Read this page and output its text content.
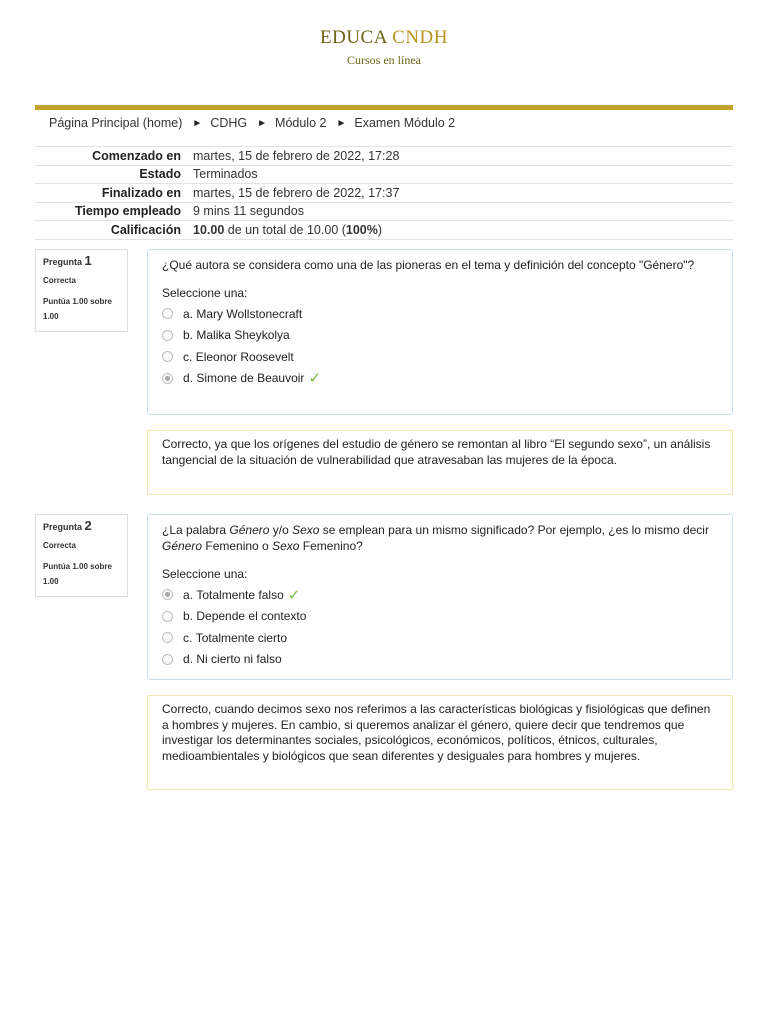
EDUCA CNDH
Cursos en línea
Página Principal (home) ► CDHG ► Módulo 2 ► Examen Módulo 2
Comenzado en	martes, 15 de febrero de 2022, 17:28
Estado	Terminados
Finalizado en	martes, 15 de febrero de 2022, 17:37
Tiempo empleado	9 mins 11 segundos
Calificación	10.00 de un total de 10.00 (100%)
Pregunta 1
Correcta
Puntúa 1.00 sobre 1.00
¿Qué autora se considera como una de las pioneras en el tema y definición del concepto "Género"?
Seleccione una:
a.
Mary Wollstonecraft
b.
Malika Sheykolya
c.
Eleonor Roosevelt
d.
Simone de Beauvoir ✓
Correcto, ya que los orígenes del estudio de género se remontan al libro “El segundo sexo”, un análisis tangencial de la situación de vulnerabilidad que atravesaban las mujeres de la época.
Pregunta 2
Correcta
Puntúa 1.00 sobre 1.00
¿La palabra Género y/o Sexo se emplean para un mismo significado? Por ejemplo, ¿es lo mismo decir Género Femenino o Sexo Femenino?
Seleccione una:
a.
Totalmente falso ✓
b.
Depende el contexto
c.
Totalmente cierto
d.
Ni cierto ni falso
Correcto, cuando decimos sexo nos referimos a las características biológicas y fisiológicas que definen a hombres y mujeres. En cambio, si queremos analizar el género, quiere decir que tendremos que investigar los determinantes sociales, psicológicos, económicos, políticos, étnicos, culturales, medioambientales y biológicos que sean diferentes y desiguales para hombres y mujeres.
